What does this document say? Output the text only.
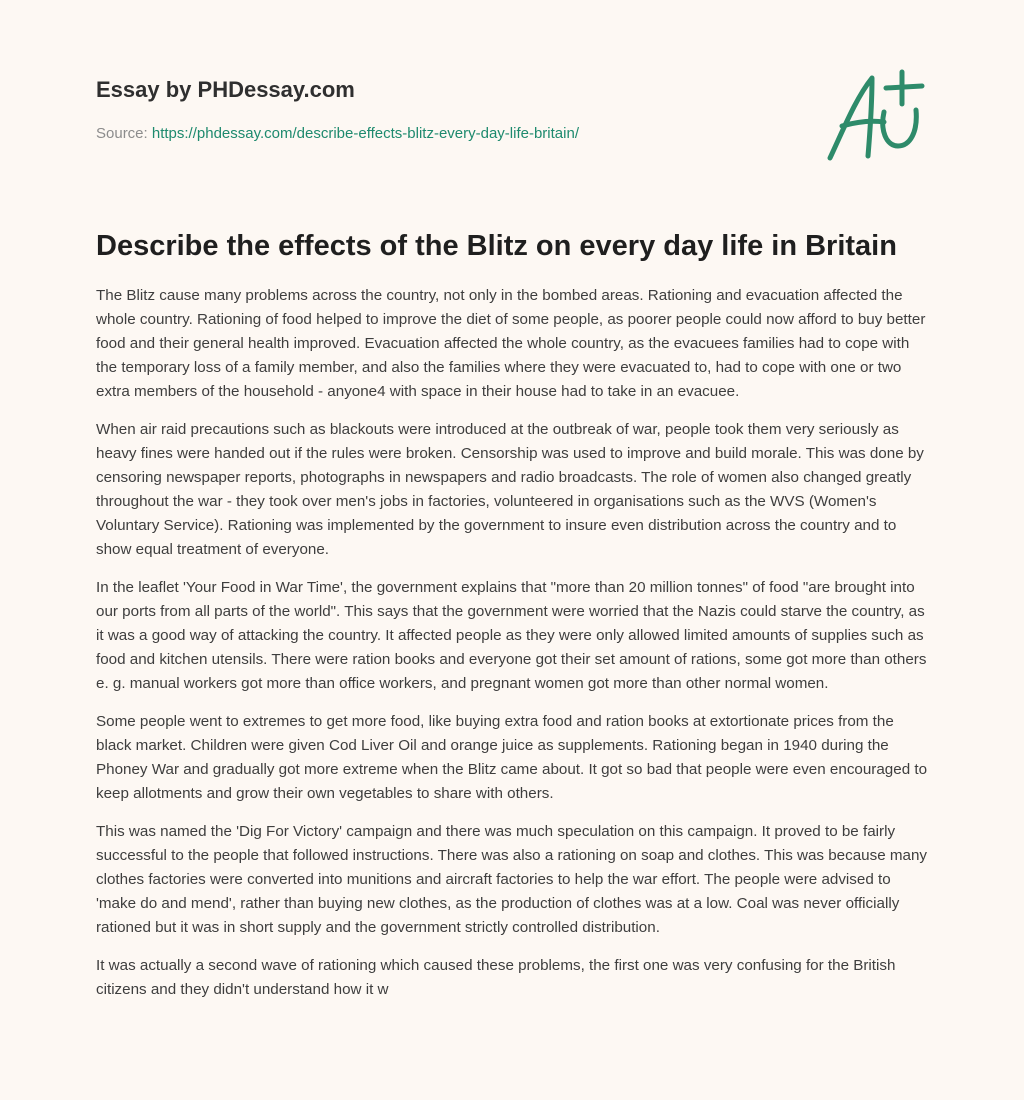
Essay by PHDessay.com
Source: https://phdessay.com/describe-effects-blitz-every-day-life-britain/
Describe the effects of the Blitz on every day life in Britain

The Blitz cause many problems across the country, not only in the bombed areas. Rationing and evacuation affected the whole country. Rationing of food helped to improve the diet of some people, as poorer people could now afford to buy better food and their general health improved. Evacuation affected the whole country, as the evacuees families had to cope with the temporary loss of a family member, and also the families where they were evacuated to, had to cope with one or two extra members of the household - anyone4 with space in their house had to take in an evacuee.

When air raid precautions such as blackouts were introduced at the outbreak of war, people took them very seriously as heavy fines were handed out if the rules were broken. Censorship was used to improve and build morale. This was done by censoring newspaper reports, photographs in newspapers and radio broadcasts. The role of women also changed greatly throughout the war - they took over men's jobs in factories, volunteered in organisations such as the WVS (Women's Voluntary Service). Rationing was implemented by the government to insure even distribution across the country and to show equal treatment of everyone.

In the leaflet 'Your Food in War Time', the government explains that "more than 20 million tonnes" of food "are brought into our ports from all parts of the world". This says that the government were worried that the Nazis could starve the country, as it was a good way of attacking the country. It affected people as they were only allowed limited amounts of supplies such as food and kitchen utensils. There were ration books and everyone got their set amount of rations, some got more than others e. g. manual workers got more than office workers, and pregnant women got more than other normal women.

Some people went to extremes to get more food, like buying extra food and ration books at extortionate prices from the black market. Children were given Cod Liver Oil and orange juice as supplements. Rationing began in 1940 during the Phoney War and gradually got more extreme when the Blitz came about. It got so bad that people were even encouraged to keep allotments and grow their own vegetables to share with others.

This was named the 'Dig For Victory' campaign and there was much speculation on this campaign. It proved to be fairly successful to the people that followed instructions. There was also a rationing on soap and clothes. This was because many clothes factories were converted into munitions and aircraft factories to help the war effort. The people were advised to 'make do and mend', rather than buying new clothes, as the production of clothes was at a low. Coal was never officially rationed but it was in short supply and the government strictly controlled distribution.

It was actually a second wave of rationing which caused these problems, the first one was very confusing for the British citizens and they didn't understand how it w
